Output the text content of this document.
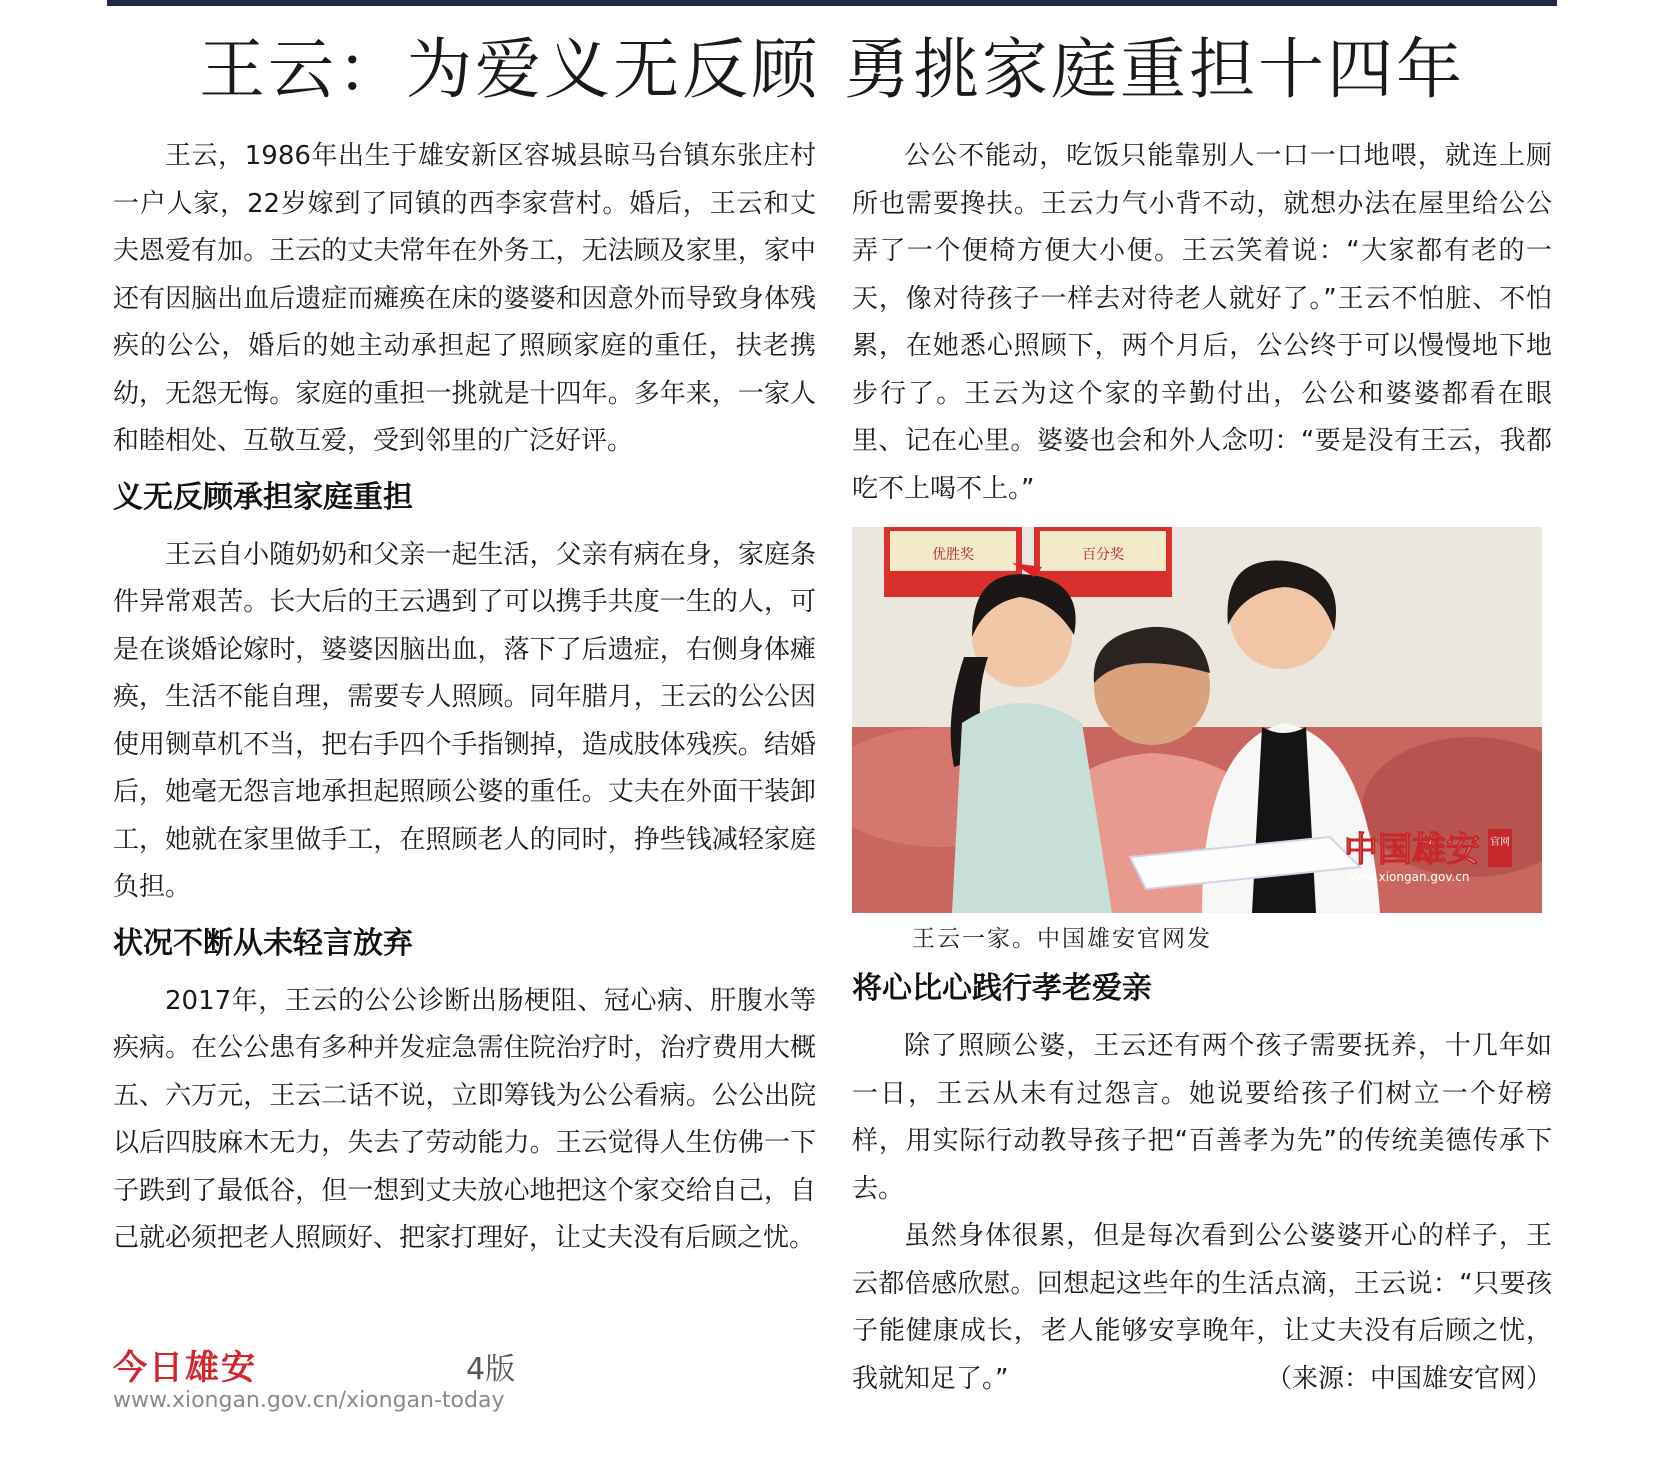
王云：为爱义无反顾 勇挑家庭重担十四年

王云，1986年出生于雄安新区容城县晾马台镇东张庄村一户人家，22岁嫁到了同镇的西李家营村。婚后，王云和丈夫恩爱有加。王云的丈夫常年在外务工，无法顾及家里，家中还有因脑出血后遗症而瘫痪在床的婆婆和因意外而导致身体残疾的公公，婚后的她主动承担起了照顾家庭的重任，扶老携幼，无怨无悔。家庭的重担一挑就是十四年。多年来，一家人和睦相处、互敬互爱，受到邻里的广泛好评。

义无反顾承担家庭重担

王云自小随奶奶和父亲一起生活，父亲有病在身，家庭条件异常艰苦。长大后的王云遇到了可以携手共度一生的人，可是在谈婚论嫁时，婆婆因脑出血，落下了后遗症，右侧身体瘫痪，生活不能自理，需要专人照顾。同年腊月，王云的公公因使用铡草机不当，把右手四个手指铡掉，造成肢体残疾。结婚后，她毫无怨言地承担起照顾公婆的重任。丈夫在外面干装卸工，她就在家里做手工，在照顾老人的同时，挣些钱减轻家庭负担。

状况不断从未轻言放弃

2017年，王云的公公诊断出肠梗阻、冠心病、肝腹水等疾病。在公公患有多种并发症急需住院治疗时，治疗费用大概五、六万元，王云二话不说，立即筹钱为公公看病。公公出院以后四肢麻木无力，失去了劳动能力。王云觉得人生仿佛一下子跌到了最低谷，但一想到丈夫放心地把这个家交给自己，自己就必须把老人照顾好、把家打理好，让丈夫没有后顾之忧。

公公不能动，吃饭只能靠别人一口一口地喂，就连上厕所也需要搀扶。王云力气小背不动，就想办法在屋里给公公弄了一个便椅方便大小便。王云笑着说：“大家都有老的一天，像对待孩子一样去对待老人就好了。”王云不怕脏、不怕累，在她悉心照顾下，两个月后，公公终于可以慢慢地下地步行了。王云为这个家的辛勤付出，公公和婆婆都看在眼里、记在心里。婆婆也会和外人念叨：“要是没有王云，我都吃不上喝不上。”

优胜奖	百分奖
中国雄安 官网
www.xiongan.gov.cn
王云一家。中国雄安官网发
将心比心践行孝老爱亲

除了照顾公婆，王云还有两个孩子需要抚养，十几年如一日，王云从未有过怨言。她说要给孩子们树立一个好榜样，用实际行动教导孩子把“百善孝为先”的传统美德传承下去。

虽然身体很累，但是每次看到公公婆婆开心的样子，王云都倍感欣慰。回想起这些年的生活点滴，王云说：“只要孩子能健康成长，老人能够安享晚年，让丈夫没有后顾之忧，我就知足了。”	（来源：中国雄安官网）

今日雄安	4版
www.xiongan.gov.cn/xiongan-today
